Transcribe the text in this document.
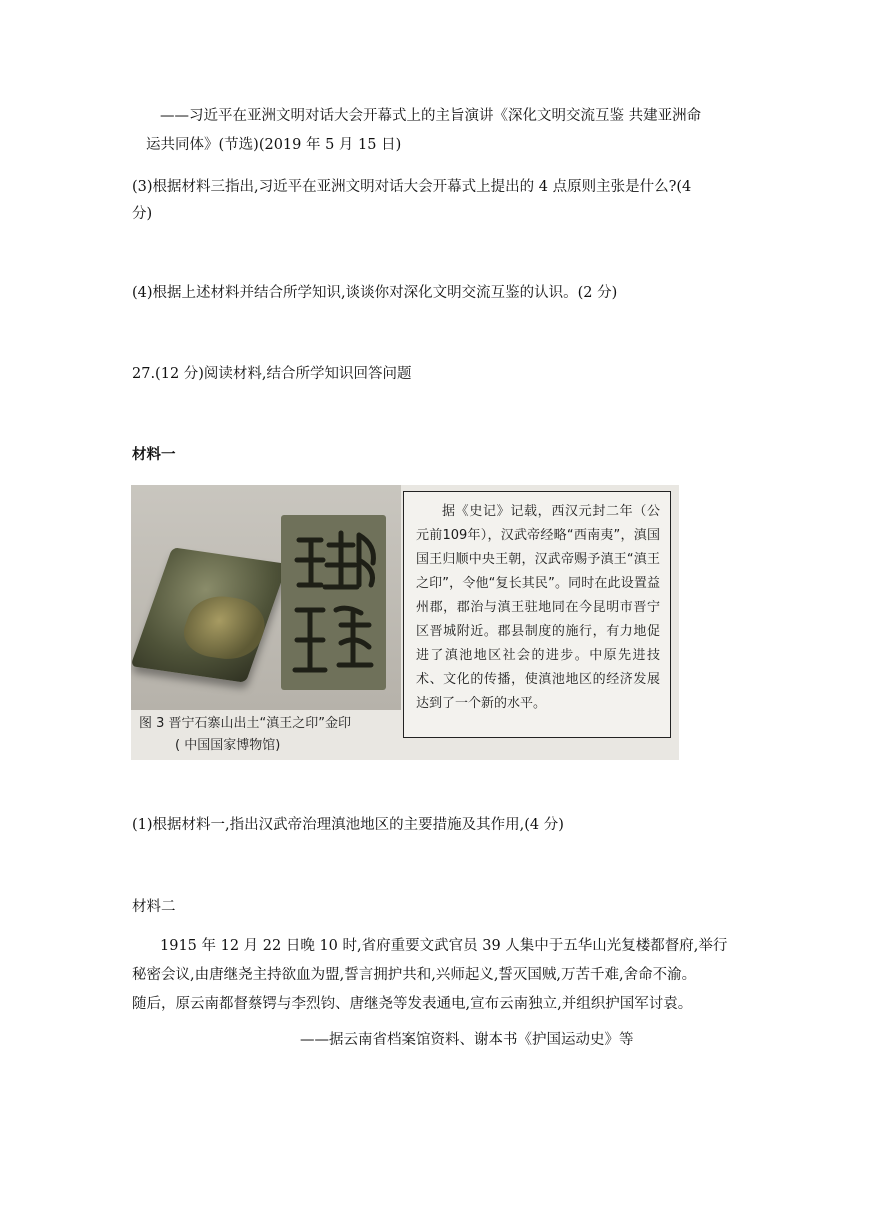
——习近平在亚洲文明对话大会开幕式上的主旨演讲《深化文明交流互鉴 共建亚洲命

运共同体》(节选)(2019 年 5 月 15 日)

(3)根据材料三指出,习近平在亚洲文明对话大会开幕式上提出的 4 点原则主张是什么?(4

分)

(4)根据上述材料并结合所学知识,谈谈你对深化文明交流互鉴的认识。(2 分)

27.(12 分)阅读材料,结合所学知识回答问题

材料一

图 3 晋宁石寨山出土“滇王之印”金印
( 中国国家博物馆)

据《史记》记载，西汉元封二年（公元前109年），汉武帝经略“西南夷”，滇国国王归顺中央王朝，汉武帝赐予滇王“滇王之印”，令他“复长其民”。同时在此设置益州郡，郡治与滇王驻地同在今昆明市晋宁区晋城附近。郡县制度的施行，有力地促进了滇池地区社会的进步。中原先进技术、文化的传播，使滇池地区的经济发展达到了一个新的水平。

(1)根据材料一,指出汉武帝治理滇池地区的主要措施及其作用,(4 分)

材料二

1915 年 12 月 22 日晚 10 时,省府重要文武官员 39 人集中于五华山光复楼都督府,举行

秘密会议,由唐继尧主持欲血为盟,誓言拥护共和,兴师起义,誓灭国贼,万苦千难,舍命不渝。

随后，原云南都督蔡锷与李烈钧、唐继尧等发表通电,宣布云南独立,并组织护国军讨袁。

——据云南省档案馆资料、谢本书《护国运动史》等
